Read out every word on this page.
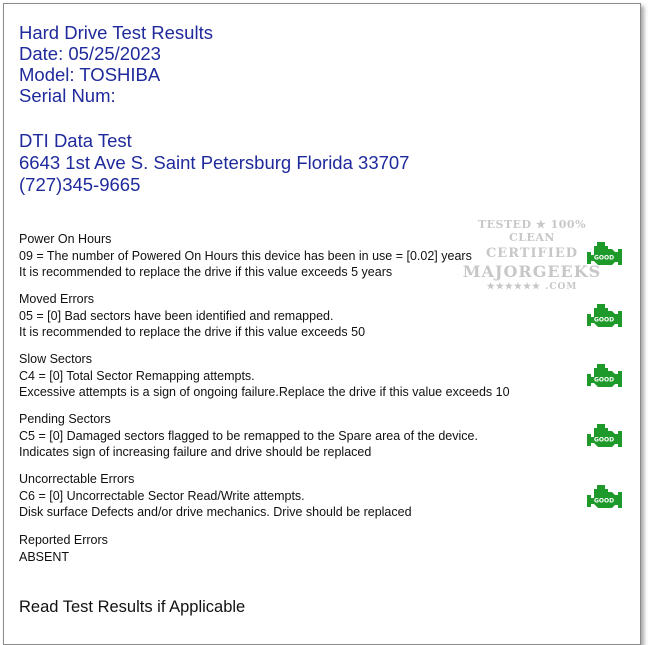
Hard Drive Test Results
Date: 05/25/2023
Model: TOSHIBA
Serial Num:
DTI Data Test
6643 1st Ave S. Saint Petersburg Florida 33707
(727)345-9665
TESTED ★ 100% CLEAN
CERTIFIED
MAJORGEEKS
★★★★★★ .COM
Power On Hours
09 = The number of Powered On Hours this device has been in use = [0.02] years
It is recommended to replace the drive if this value exceeds 5 years
Moved Errors
05 = [0] Bad sectors have been identified and remapped.
It is recommended to replace the drive if this value exceeds 50
Slow Sectors
C4 = [0] Total Sector Remapping attempts.
Excessive attempts is a sign of ongoing failure.Replace the drive if this value exceeds 10
Pending Sectors
C5 = [0] Damaged sectors flagged to be remapped to the Spare area of the device.
Indicates sign of increasing failure and drive should be replaced
Uncorrectable Errors
C6 = [0] Uncorrectable Sector Read/Write attempts.
Disk surface Defects and/or drive mechanics. Drive should be replaced
Reported Errors
ABSENT
GOOD
GOOD
GOOD
GOOD
GOOD
Read Test Results if Applicable
